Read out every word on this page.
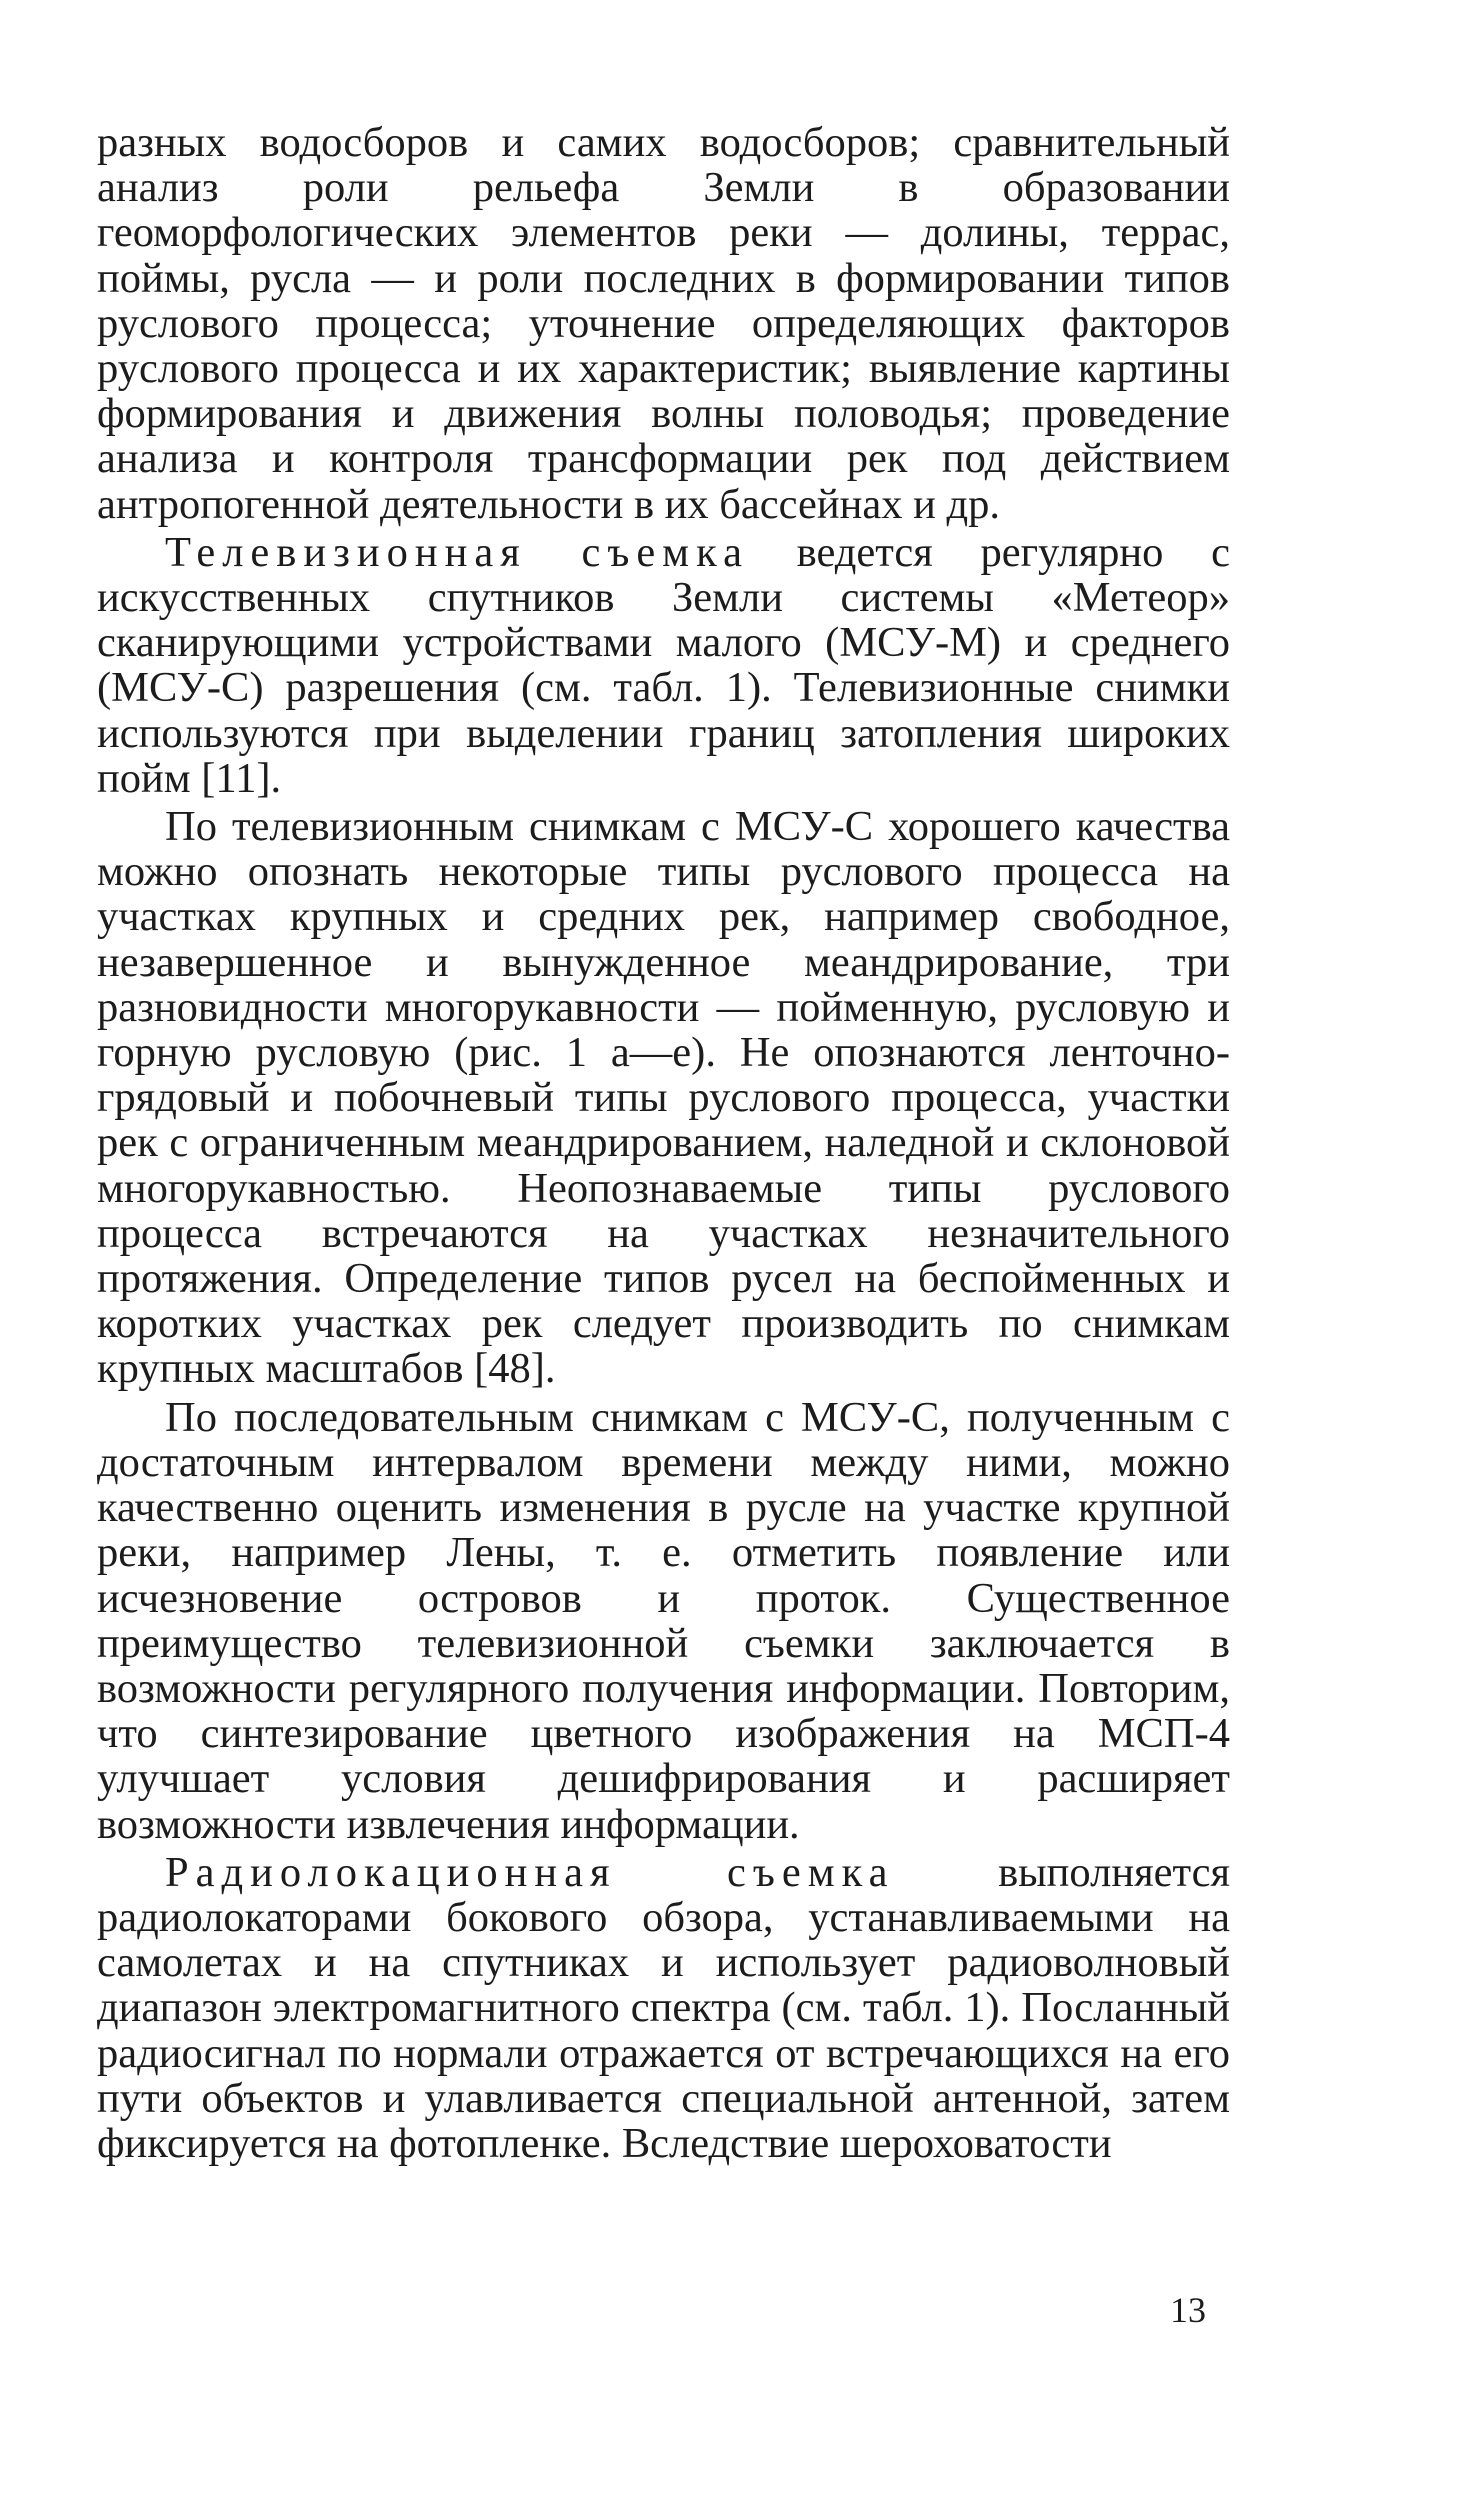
разных водосборов и самих водосборов; сравнительный анализ роли рельефа Земли в образовании геоморфологических элементов реки — долины, террас, поймы, русла — и роли последних в формировании типов руслового процесса; уточнение определяющих факторов руслового процесса и их характеристик; выявление картины формирования и движения волны половодья; проведение анализа и контроля трансформации рек под действием антропогенной деятельности в их бассейнах и др.

Телевизионная съемка ведется регулярно с искусственных спутников Земли системы «Метеор» сканирующими устройствами малого (МСУ-М) и среднего (МСУ-С) разрешения (см. табл. 1). Телевизионные снимки используются при выделении границ затопления широких пойм [11].

По телевизионным снимкам с МСУ-С хорошего качества можно опознать некоторые типы руслового процесса на участках крупных и средних рек, например свободное, незавершенное и вынужденное меандрирование, три разновидности многорукавности — пойменную, русловую и горную русловую (рис. 1 а—е). Не опознаются ленточно-грядовый и побочневый типы руслового процесса, участки рек с ограниченным меандрированием, наледной и склоновой многорукавностью. Неопознаваемые типы руслового процесса встречаются на участках незначительного протяжения. Определение типов русел на беспойменных и коротких участках рек следует производить по снимкам крупных масштабов [48].

По последовательным снимкам с МСУ-С, полученным с достаточным интервалом времени между ними, можно качественно оценить изменения в русле на участке крупной реки, например Лены, т. е. отметить появление или исчезновение островов и проток. Существенное преимущество телевизионной съемки заключается в возможности регулярного получения информации. Повторим, что синтезирование цветного изображения на МСП-4 улучшает условия дешифрирования и расширяет возможности извлечения информации.

Радиолокационная съемка выполняется радиолокаторами бокового обзора, устанавливаемыми на самолетах и на спутниках и использует радиоволновый диапазон электромагнитного спектра (см. табл. 1). Посланный радиосигнал по нормали отражается от встречающихся на его пути объектов и улавливается специальной антенной, затем фиксируется на фотопленке. Вследствие шероховатости

13
